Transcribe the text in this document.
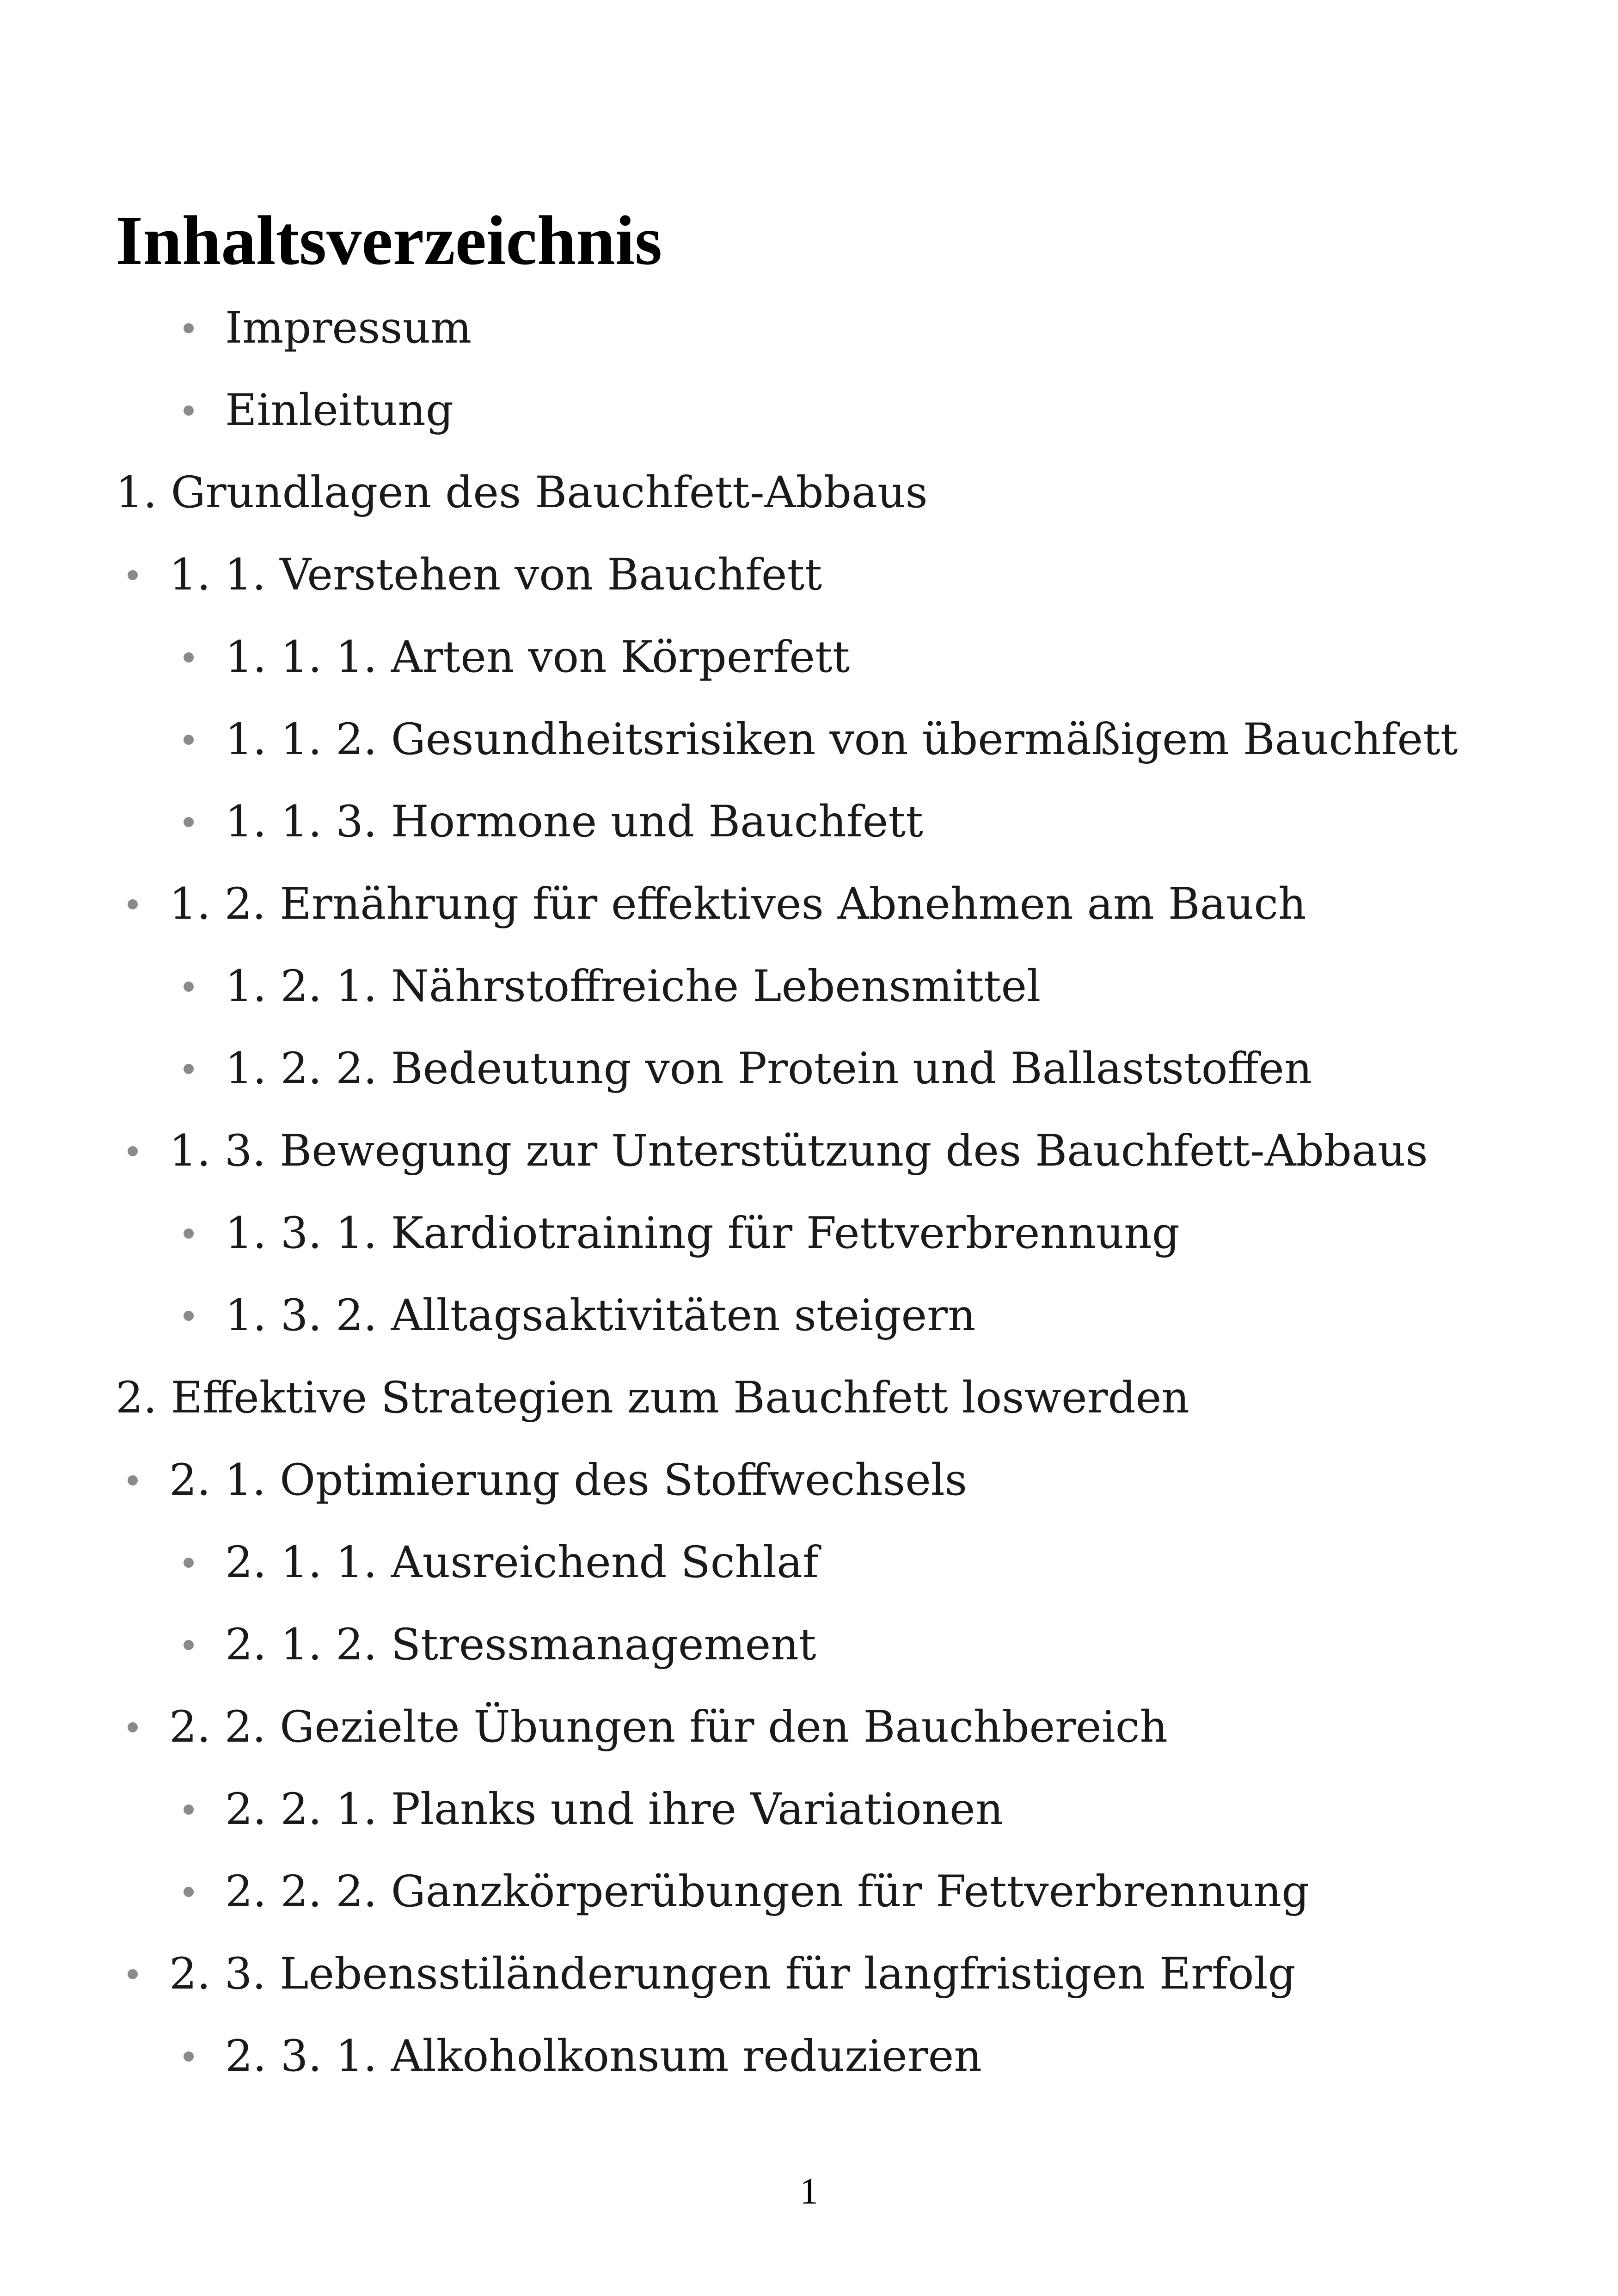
Inhaltsverzeichnis
Impressum
Einleitung
1. Grundlagen des Bauchfett-Abbaus
1. 1. Verstehen von Bauchfett
1. 1. 1. Arten von Körperfett
1. 1. 2. Gesundheitsrisiken von übermäßigem Bauchfett
1. 1. 3. Hormone und Bauchfett
1. 2. Ernährung für effektives Abnehmen am Bauch
1. 2. 1. Nährstoffreiche Lebensmittel
1. 2. 2. Bedeutung von Protein und Ballaststoffen
1. 3. Bewegung zur Unterstützung des Bauchfett-Abbaus
1. 3. 1. Kardiotraining für Fettverbrennung
1. 3. 2. Alltagsaktivitäten steigern
2. Effektive Strategien zum Bauchfett loswerden
2. 1. Optimierung des Stoffwechsels
2. 1. 1. Ausreichend Schlaf
2. 1. 2. Stressmanagement
2. 2. Gezielte Übungen für den Bauchbereich
2. 2. 1. Planks und ihre Variationen
2. 2. 2. Ganzkörperübungen für Fettverbrennung
2. 3. Lebensstiländerungen für langfristigen Erfolg
2. 3. 1. Alkoholkonsum reduzieren
1
